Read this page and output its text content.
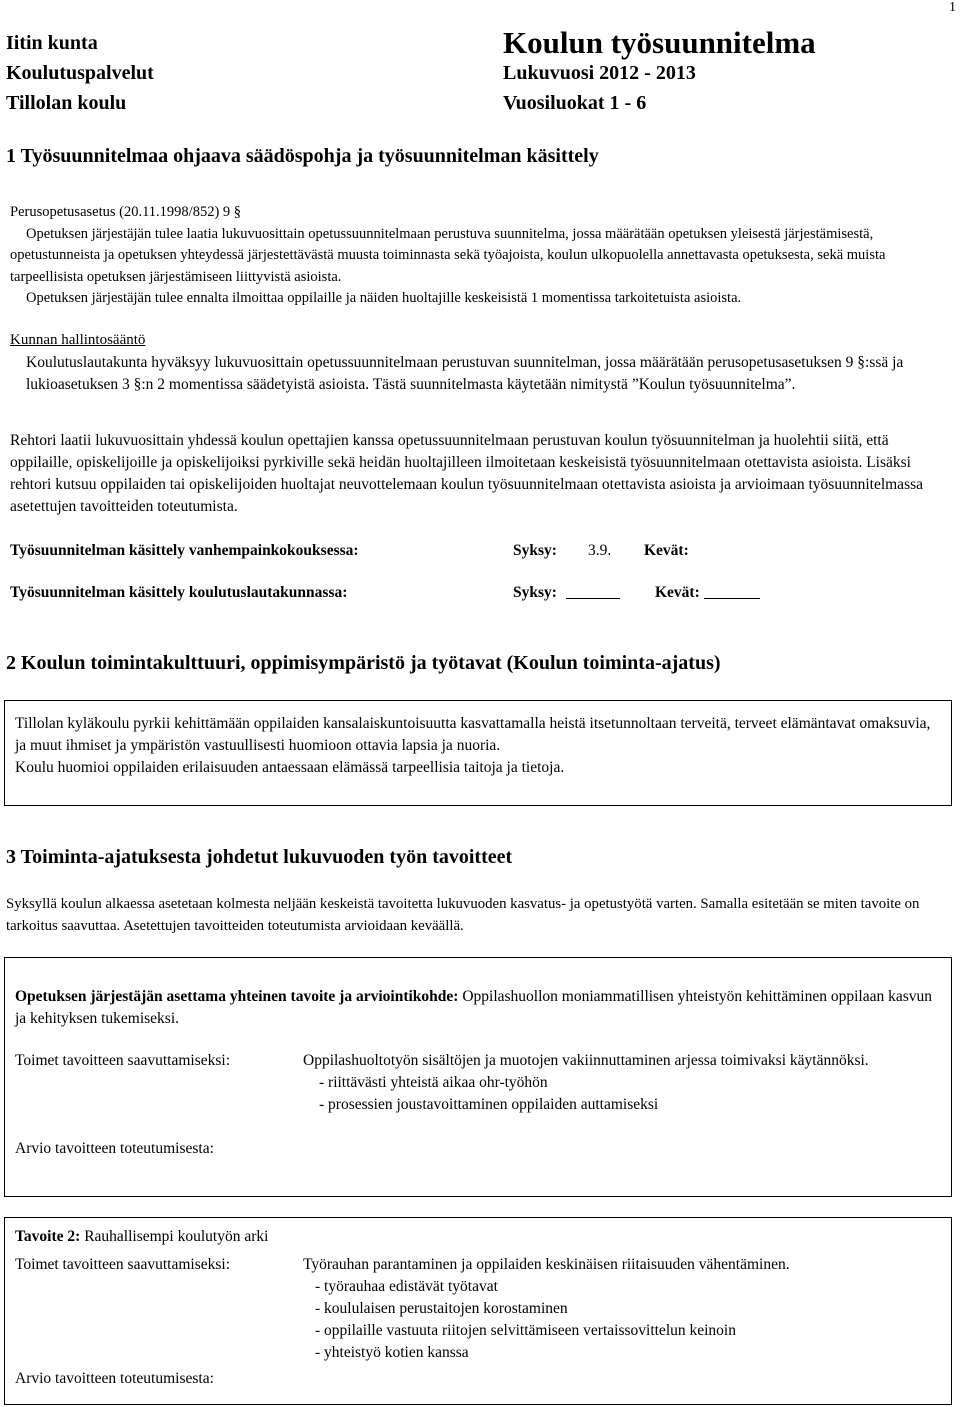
1
Iitin kunta
Koulutuspalvelut
Tillolan koulu
Koulun työsuunnitelma
Lukuvuosi 2012 - 2013
Vuosiluokat 1 - 6
1 Työsuunnitelmaa ohjaava säädöspohja ja työsuunnitelman käsittely
Perusopetusasetus (20.11.1998/852) 9 §
Opetuksen järjestäjän tulee laatia lukuvuosittain opetussuunnitelmaan perustuva suunnitelma, jossa määrätään opetuksen yleisestä järjestämisestä, opetustunneista ja opetuksen yhteydessä järjestettävästä muusta toiminnasta sekä työajoista, koulun ulkopuolella annettavasta opetuksesta, sekä muista tarpeellisista opetuksen järjestämiseen liittyvistä asioista.
Opetuksen järjestäjän tulee ennalta ilmoittaa oppilaille ja näiden huoltajille keskeisistä 1 momentissa tarkoitetuista asioista.
Kunnan hallintosääntö
Koulutuslautakunta hyväksyy lukuvuosittain opetussuunnitelmaan perustuvan suunnitelman, jossa määrätään perusopetusasetuksen 9 §:ssä ja lukioasetuksen 3 §:n 2 momentissa säädetyistä asioista. Tästä suunnitelmasta käytetään nimitystä ”Koulun työsuunnitelma”.
Rehtori laatii lukuvuosittain yhdessä koulun opettajien kanssa opetussuunnitelmaan perustuvan koulun työsuunnitelman ja huolehtii siitä, että oppilaille, opiskelijoille ja opiskelijoiksi pyrkiville sekä heidän huoltajilleen ilmoitetaan keskeisistä työsuunnitelmaan otettavista asioista. Lisäksi rehtori kutsuu oppilaiden tai opiskelijoiden huoltajat neuvottelemaan koulun työsuunnitelmaan otettavista asioista ja arvioimaan työsuunnitelmassa asetettujen tavoitteiden toteutumista.
Työsuunnitelman käsittely vanhempainkokouksessa:	Syksy: 3.9. Kevät:
Työsuunnitelman käsittely koulutuslautakunnassa:	Syksy:	Kevät:
2 Koulun toimintakulttuuri, oppimisympäristö ja työtavat (Koulun toiminta-ajatus)
Tillolan kyläkoulu pyrkii kehittämään oppilaiden kansalaiskuntoisuutta kasvattamalla heistä itsetunnoltaan terveitä, terveet elämäntavat omaksuvia, ja muut ihmiset ja ympäristön vastuullisesti huomioon ottavia lapsia ja nuoria.
Koulu huomioi oppilaiden erilaisuuden antaessaan elämässä tarpeellisia taitoja ja tietoja.
3 Toiminta-ajatuksesta johdetut lukuvuoden työn tavoitteet
Syksyllä koulun alkaessa asetetaan kolmesta neljään keskeistä tavoitetta lukuvuoden kasvatus- ja opetustyötä varten. Samalla esitetään se miten tavoite on tarkoitus saavuttaa. Asetettujen tavoitteiden toteutumista arvioidaan keväällä.
Opetuksen järjestäjän asettama yhteinen tavoite ja arviointikohde: Oppilashuollon moniammatillisen yhteistyön kehittäminen oppilaan kasvun ja kehityksen tukemiseksi.
Toimet tavoitteen saavuttamiseksi:	Oppilashuoltotyön sisältöjen ja muotojen vakiinnuttaminen arjessa toimivaksi käytännöksi.
- riittävästi yhteistä aikaa ohr-työhön
- prosessien joustavoittaminen oppilaiden auttamiseksi
Arvio tavoitteen toteutumisesta:
Tavoite 2: Rauhallisempi koulutyön arki
Toimet tavoitteen saavuttamiseksi:	Työrauhan parantaminen ja oppilaiden keskinäisen riitaisuuden vähentäminen.
- työrauhaa edistävät työtavat
- koululaisen perustaitojen korostaminen
- oppilaille vastuuta riitojen selvittämiseen vertaissovittelun keinoin
- yhteistyö kotien kanssa
Arvio tavoitteen toteutumisesta:
